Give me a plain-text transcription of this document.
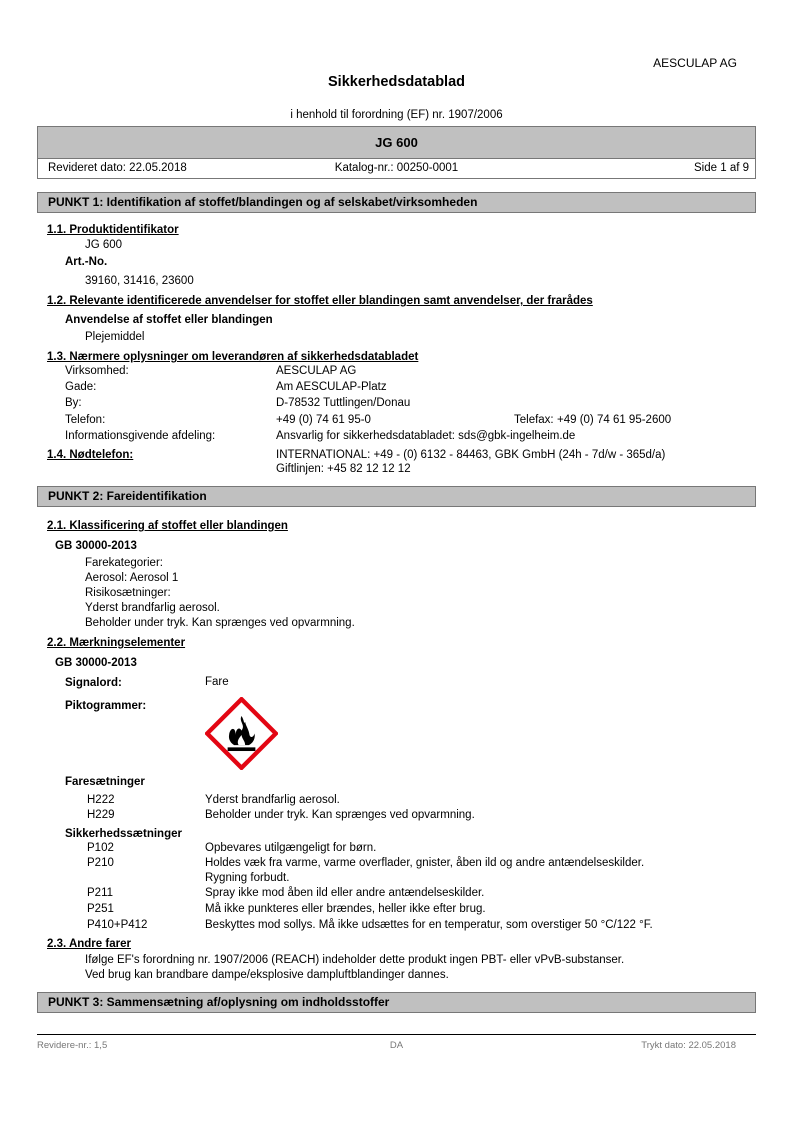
AESCULAP AG
Sikkerhedsdatablad
i henhold til forordning (EF) nr. 1907/2006
JG 600
Revideret dato: 22.05.2018	Katalog-nr.: 00250-0001	Side 1 af 9
PUNKT 1: Identifikation af stoffet/blandingen og af selskabet/virksomheden
1.1. Produktidentifikator
JG 600
Art.-No.
39160, 31416, 23600
1.2. Relevante identificerede anvendelser for stoffet eller blandingen samt anvendelser, der frarådes
Anvendelse af stoffet eller blandingen
Plejemiddel
1.3. Nærmere oplysninger om leverandøren af sikkerhedsdatabladet
Virksomhed:	AESCULAP AG
Gade:	Am AESCULAP-Platz
By:	D-78532 Tuttlingen/Donau
Telefon:	+49 (0) 74 61 95-0	Telefax: +49 (0) 74 61 95-2600
Informationsgivende afdeling:	Ansvarlig for sikkerhedsdatabladet: sds@gbk-ingelheim.de
1.4. Nødtelefon:	INTERNATIONAL: +49 - (0) 6132 - 84463, GBK GmbH (24h - 7d/w - 365d/a)
Giftlinjen: +45 82 12 12 12
PUNKT 2: Fareidentifikation
2.1. Klassificering af stoffet eller blandingen
GB 30000-2013
Farekategorier:
Aerosol: Aerosol 1
Risikosætninger:
Yderst brandfarlig aerosol.
Beholder under tryk. Kan sprænges ved opvarmning.
2.2. Mærkningselementer
GB 30000-2013
Signalord:	Fare
Piktogrammer:
Faresætninger
H222	Yderst brandfarlig aerosol.
H229	Beholder under tryk. Kan sprænges ved opvarmning.
Sikkerhedssætninger
P102	Opbevares utilgængeligt for børn.
P210	Holdes væk fra varme, varme overflader, gnister, åben ild og andre antændelseskilder.
Rygning forbudt.
P211	Spray ikke mod åben ild eller andre antændelseskilder.
P251	Må ikke punkteres eller brændes, heller ikke efter brug.
P410+P412	Beskyttes mod sollys. Må ikke udsættes for en temperatur, som overstiger 50 °C/122 °F.
2.3. Andre farer
Ifølge EF's forordning nr. 1907/2006 (REACH) indeholder dette produkt ingen PBT- eller vPvB-substanser.
Ved brug kan brandbare dampe/eksplosive dampluftblandinger dannes.
PUNKT 3: Sammensætning af/oplysning om indholdsstoffer
Revidere-nr.: 1,5	DA	Trykt dato: 22.05.2018
